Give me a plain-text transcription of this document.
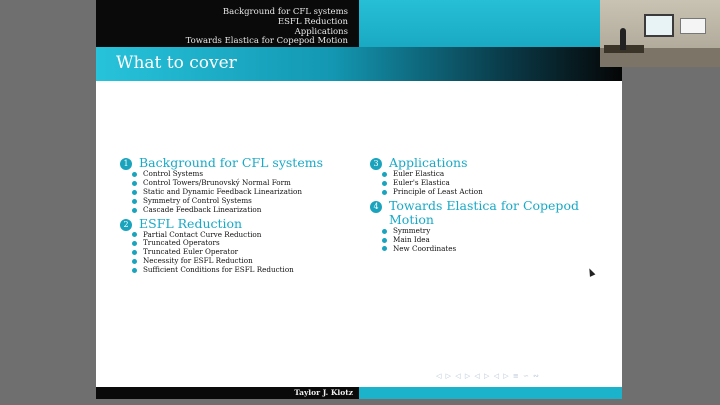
Background for CFL systems
ESFL Reduction
Applications
Towards Elastica for Copepod Motion
What to cover
1 Background for CFL systems
Control Systems
Control Towers/Brunovský Normal Form
Static and Dynamic Feedback Linearization
Symmetry of Control Systems
Cascade Feedback Linearization
2 ESFL Reduction
Partial Contact Curve Reduction
Truncated Operators
Truncated Euler Operator
Necessity for ESFL Reduction
Sufficient Conditions for ESFL Reduction
3 Applications
Euler Elastica
Euler's Elastica
Principle of Least Action
4 Towards Elastica for Copepod
Motion
Symmetry
Main Idea
New Coordinates
◁ ▷ ◁ ▷ ◁ ▷ ◁ ▷ ≡ ∽ ∾
Taylor J. Klotz
